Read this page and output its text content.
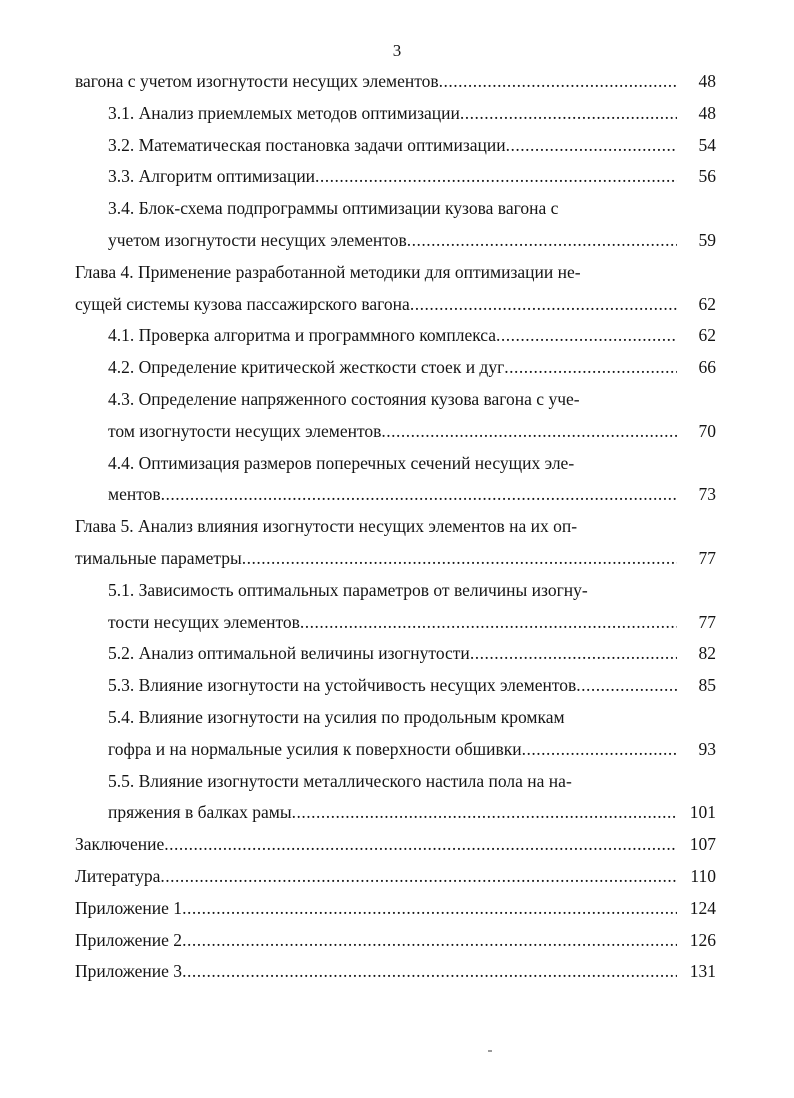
3
вагона с учетом изогнутости несущих элементов .....	48
3.1. Анализ приемлемых методов оптимизации .....	48
3.2. Математическая постановка задачи оптимизации .....	54
3.3. Алгоритм оптимизации .....	56
3.4. Блок-схема подпрограммы оптимизации кузова вагона с
учетом изогнутости несущих элементов .....	59
Глава 4. Применение разработанной методики для оптимизации не-
сущей системы кузова пассажирского вагона .....	62
4.1. Проверка алгоритма и программного комплекса .....	62
4.2. Определение критической жесткости стоек и дуг .....	66
4.3. Определение напряженного состояния кузова вагона с уче-
том изогнутости несущих элементов .....	70
4.4. Оптимизация размеров поперечных сечений несущих эле-
ментов .....	73
Глава 5. Анализ влияния изогнутости несущих элементов на их оп-
тимальные параметры .....	77
5.1. Зависимость оптимальных параметров от величины изогну-
тости несущих элементов .....	77
5.2. Анализ оптимальной величины изогнутости .....	82
5.3. Влияние изогнутости на устойчивость несущих элементов .....	85
5.4. Влияние изогнутости на усилия по продольным кромкам
гофра и на нормальные усилия к поверхности обшивки .....	93
5.5. Влияние изогнутости металлического настила пола на на-
пряжения в балках рамы .....	101
Заключение .....	107
Литература .....	110
Приложение 1 .....	124
Приложение 2 .....	126
Приложение 3 .....	131
